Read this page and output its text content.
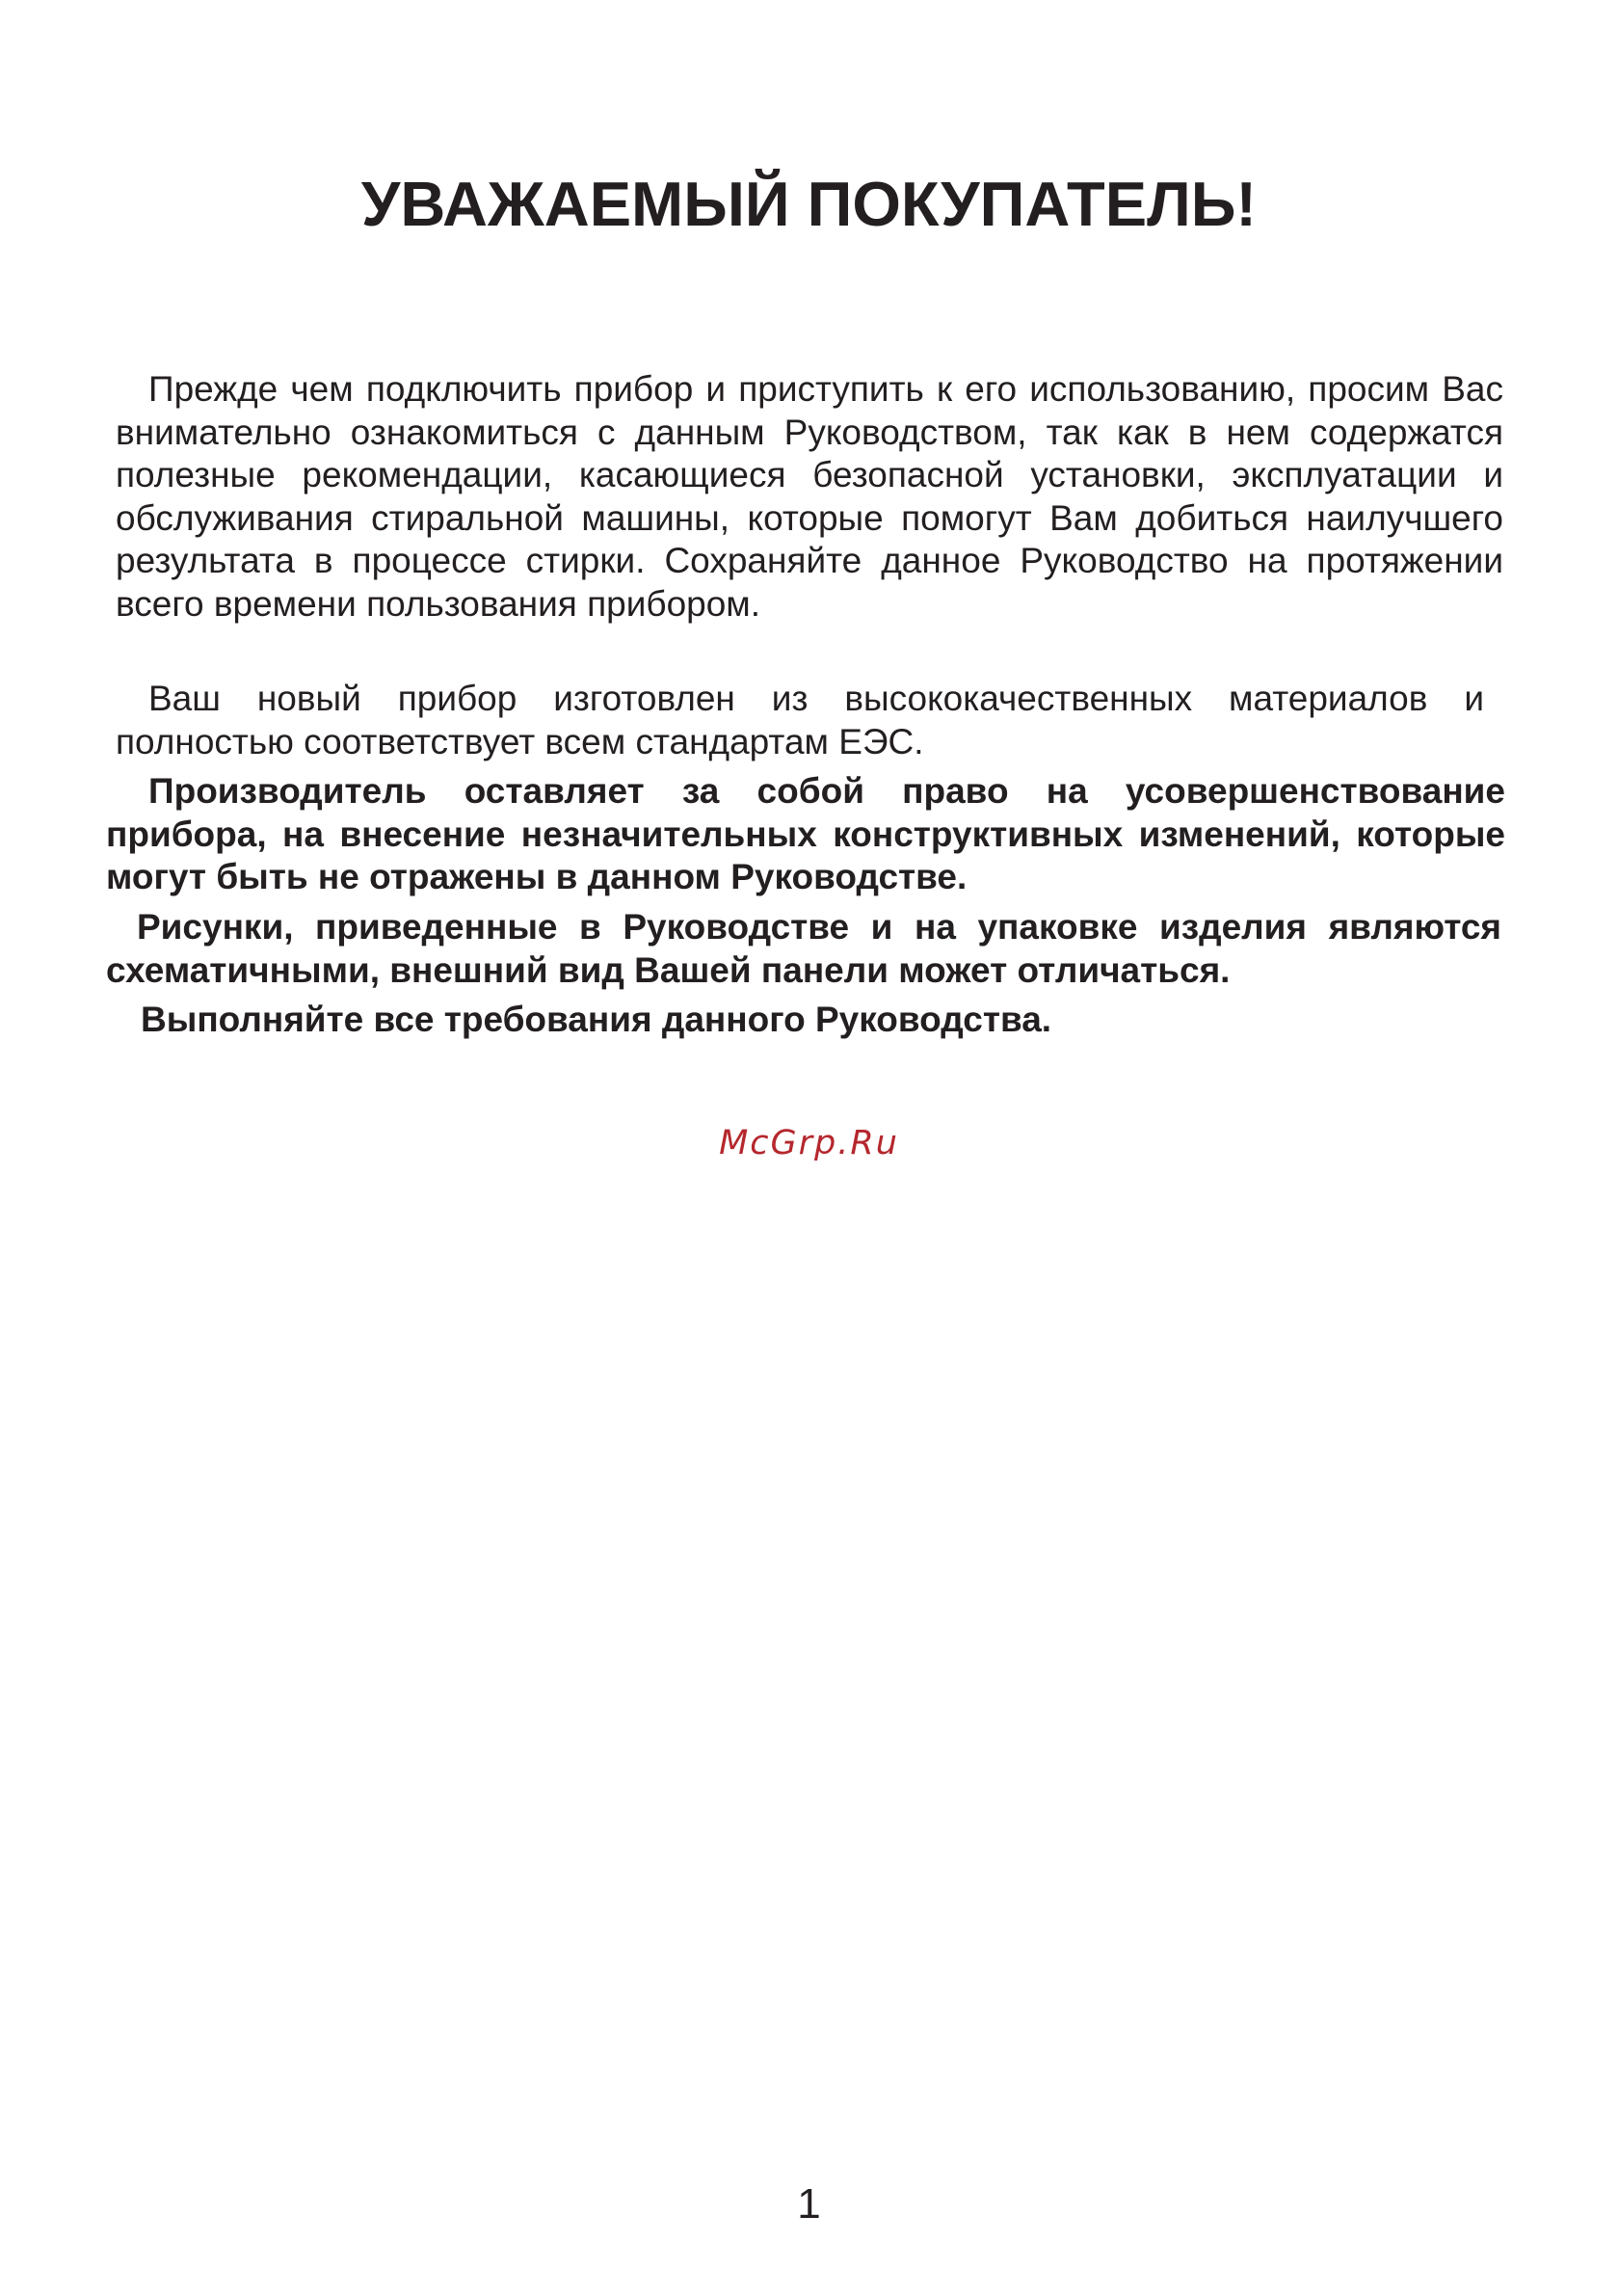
УВАЖАЕМЫЙ ПОКУПАТЕЛЬ!

Прежде чем подключить прибор и приступить к его использованию, просим Вас внимательно ознакомиться с данным Руководством, так как в нем содержатся полезные рекомендации, касающиеся безопасной установки, эксплуатации и обслуживания стиральной машины, которые помогут Вам добиться наилучшего результата в процессе стирки. Сохраняйте данное Руководство на протяжении всего времени пользования прибором.

Ваш новый прибор изготовлен из высококачественных материалов и полностью соответствует всем стандартам ЕЭС.

Производитель оставляет за собой право на усовершенствование прибора, на внесение незначительных конструктивных изменений, которые могут быть не отражены в данном Руководстве.

Рисунки, приведенные в Руководстве и на упаковке изделия являются схематичными, внешний вид Вашей панели может отличаться.

Выполняйте все требования данного Руководства.

McGrp.Ru
1
